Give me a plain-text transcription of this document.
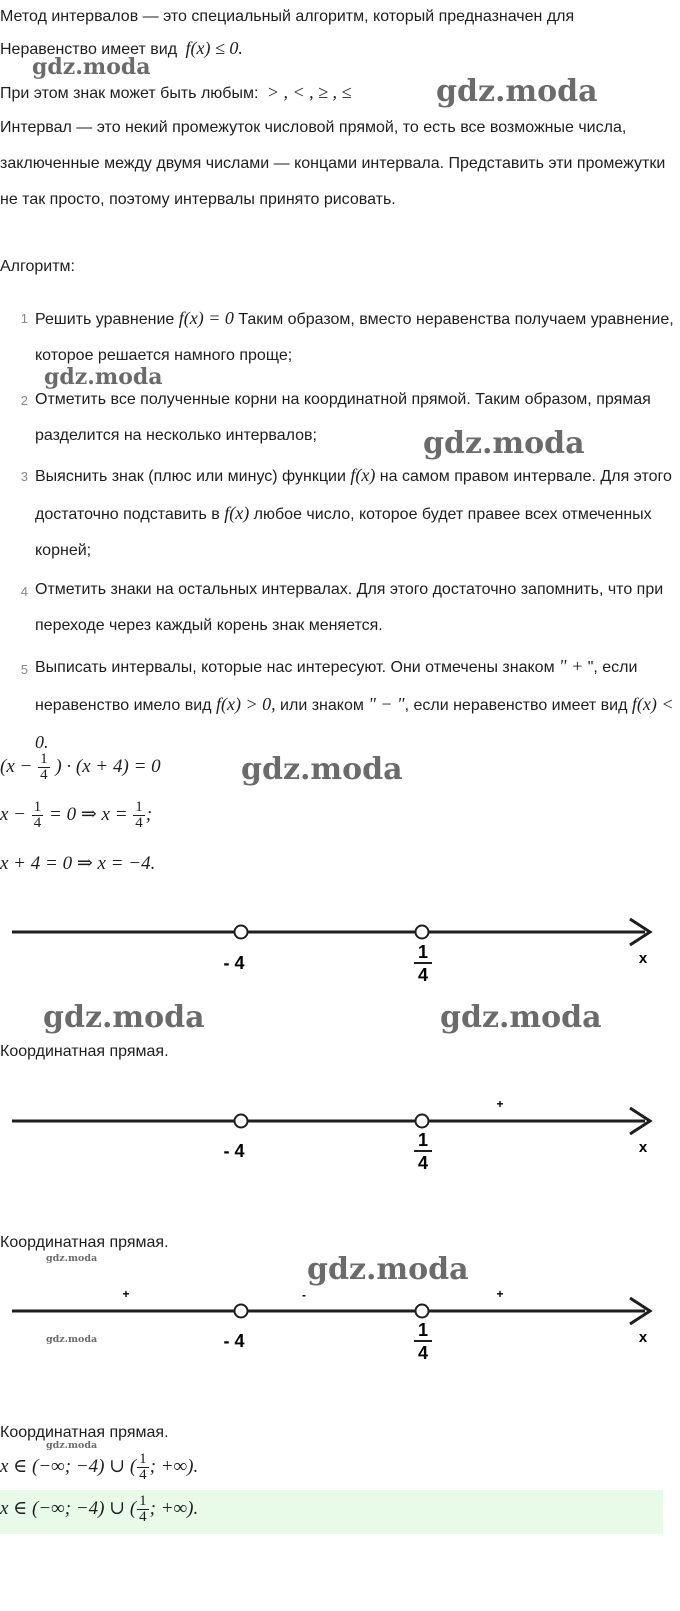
Метод интервалов — это специальный алгоритм, который предназначен для
Неравенство имеет вид f(x) ≤ 0.
gdz.moda
При этом знак может быть любым: > , < , ≥ , ≤	gdz.moda
Интервал — это некий промежуток числовой прямой, то есть все возможные числа, заключенные между двумя числами — концами интервала. Представить эти промежутки не так просто, поэтому интервалы принято рисовать.
Алгоритм:
1 Решить уравнение f(x) = 0 Таким образом, вместо неравенства получаем уравнение, которое решается намного проще;
gdz.moda
2 Отметить все полученные корни на координатной прямой. Таким образом, прямая разделится на несколько интервалов;	gdz.moda
3 Выяснить знак (плюс или минус) функции f(x) на самом правом интервале. Для этого достаточно подставить в f(x) любое число, которое будет правее всех отмеченных корней;
4 Отметить знаки на остальных интервалах. Для этого достаточно запомнить, что при переходе через каждый корень знак меняется.
5 Выписать интервалы, которые нас интересуют. Они отмечены знаком " + ", если неравенство имело вид f(x) > 0, или знаком " − ", если неравенство имеет вид f(x) < 0.
($x - \frac{1}{4}$ ) · (x + 4) = 0	gdz.moda
$x - \frac{1}{4} = 0$ ⇒ $x = \frac{1}{4}$ ;
x + 4 = 0 ⇒ x = −4.
- 4
1
4
x
gdz.moda	gdz.moda
Координатная прямая.
+
- 4
1
4
x
Координатная прямая.
gdz.moda	gdz.moda
+	-	+
- 4
1
4
x
gdz.moda
Координатная прямая.
gdz.moda
x ∈ (−∞; −4) ∪ ( $\frac{1}{4}$ ; +∞).
x ∈ (−∞; −4) ∪ ( $\frac{1}{4}$ ; +∞).
